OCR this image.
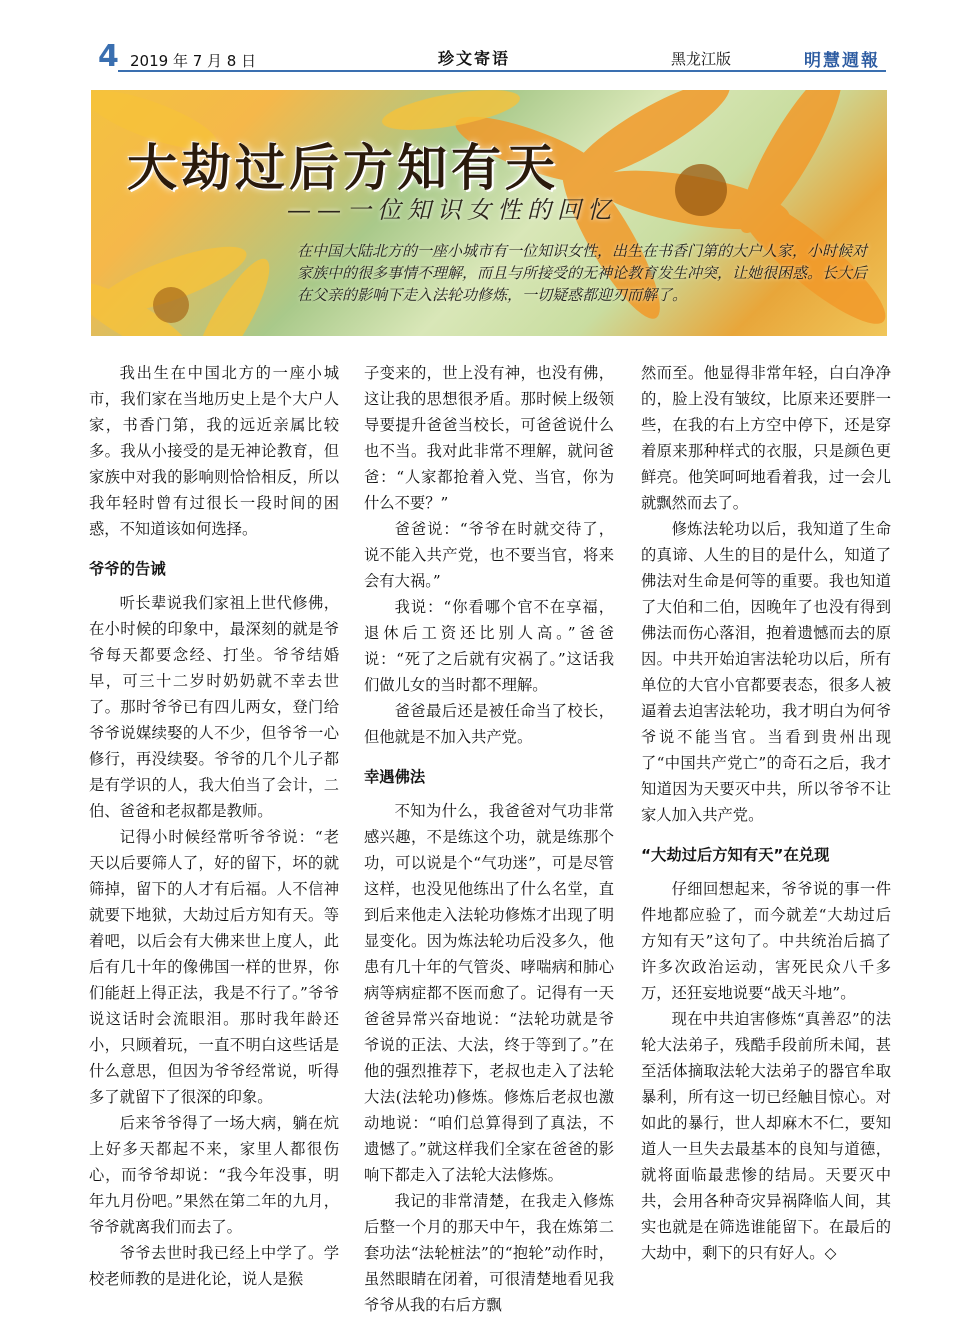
4 2019 年 7 月 8 日	珍文寄语	黑龙江版	明慧週報
大劫过后方知有天
——一位知识女性的回忆
在中国大陆北方的一座小城市有一位知识女性，出生在书香门第的大户人家，小时候对家族中的很多事情不理解，而且与所接受的无神论教育发生冲突，让她很困惑。长大后在父亲的影响下走入法轮功修炼，一切疑惑都迎刃而解了。

我出生在中国北方的一座小城市，我们家在当地历史上是个大户人家，书香门第，我的远近亲属比较多。我从小接受的是无神论教育，但家族中对我的影响则恰恰相反，所以我年轻时曾有过很长一段时间的困惑，不知道该如何选择。

爷爷的告诫

听长辈说我们家祖上世代修佛，在小时候的印象中，最深刻的就是爷爷每天都要念经、打坐。爷爷结婚早，可三十二岁时奶奶就不幸去世了。那时爷爷已有四儿两女，登门给爷爷说媒续娶的人不少，但爷爷一心修行，再没续娶。爷爷的几个儿子都是有学识的人，我大伯当了会计，二伯、爸爸和老叔都是教师。

记得小时候经常听爷爷说：“老天以后要筛人了，好的留下，坏的就筛掉，留下的人才有后福。人不信神就要下地狱，大劫过后方知有天。等着吧，以后会有大佛来世上度人，此后有几十年的像佛国一样的世界，你们能赶上得正法，我是不行了。”爷爷说这话时会流眼泪。那时我年龄还小，只顾着玩，一直不明白这些话是什么意思，但因为爷爷经常说，听得多了就留下了很深的印象。

后来爷爷得了一场大病，躺在炕上好多天都起不来，家里人都很伤心，而爷爷却说：“我今年没事，明年九月份吧。”果然在第二年的九月，爷爷就离我们而去了。

爷爷去世时我已经上中学了。学校老师教的是进化论，说人是猴

子变来的，世上没有神，也没有佛，这让我的思想很矛盾。那时候上级领导要提升爸爸当校长，可爸爸说什么也不当。我对此非常不理解，就问爸爸：“人家都抢着入党、当官，你为什么不要？”

爸爸说：“爷爷在时就交待了，说不能入共产党，也不要当官，将来会有大祸。”

我说：“你看哪个官不在享福，退休后工资还比别人高。”爸爸说：“死了之后就有灾祸了。”这话我们做儿女的当时都不理解。

爸爸最后还是被任命当了校长，但他就是不加入共产党。

幸遇佛法

不知为什么，我爸爸对气功非常感兴趣，不是练这个功，就是练那个功，可以说是个“气功迷”，可是尽管这样，也没见他练出了什么名堂，直到后来他走入法轮功修炼才出现了明显变化。因为炼法轮功后没多久，他患有几十年的气管炎、哮喘病和肺心病等病症都不医而愈了。记得有一天爸爸异常兴奋地说：“法轮功就是爷爷说的正法、大法，终于等到了。”在他的强烈推荐下，老叔也走入了法轮大法(法轮功)修炼。修炼后老叔也激动地说：“咱们总算得到了真法，不遗憾了。”就这样我们全家在爸爸的影响下都走入了法轮大法修炼。

我记的非常清楚，在我走入修炼后整一个月的那天中午，我在炼第二套功法“法轮桩法”的“抱轮”动作时，虽然眼睛在闭着，可很清楚地看见我爷爷从我的右后方飘

然而至。他显得非常年轻，白白净净的，脸上没有皱纹，比原来还要胖一些，在我的右上方空中停下，还是穿着原来那种样式的衣服，只是颜色更鲜亮。他笑呵呵地看着我，过一会儿就飘然而去了。

修炼法轮功以后，我知道了生命的真谛、人生的目的是什么，知道了佛法对生命是何等的重要。我也知道了大伯和二伯，因晚年了也没有得到佛法而伤心落泪，抱着遗憾而去的原因。中共开始迫害法轮功以后，所有单位的大官小官都要表态，很多人被逼着去迫害法轮功，我才明白为何爷爷说不能当官。当看到贵州出现了“中国共产党亡”的奇石之后，我才知道因为天要灭中共，所以爷爷不让家人加入共产党。

“大劫过后方知有天”在兑现

仔细回想起来，爷爷说的事一件件地都应验了，而今就差“大劫过后方知有天”这句了。中共统治后搞了许多次政治运动，害死民众八千多万，还狂妄地说要“战天斗地”。

现在中共迫害修炼“真善忍”的法轮大法弟子，残酷手段前所未闻，甚至活体摘取法轮大法弟子的器官牟取暴利，所有这一切已经触目惊心。对如此的暴行，世人却麻木不仁，要知道人一旦失去最基本的良知与道德，就将面临最悲惨的结局。天要灭中共，会用各种奇灾异祸降临人间，其实也就是在筛选谁能留下。在最后的大劫中，剩下的只有好人。◇
